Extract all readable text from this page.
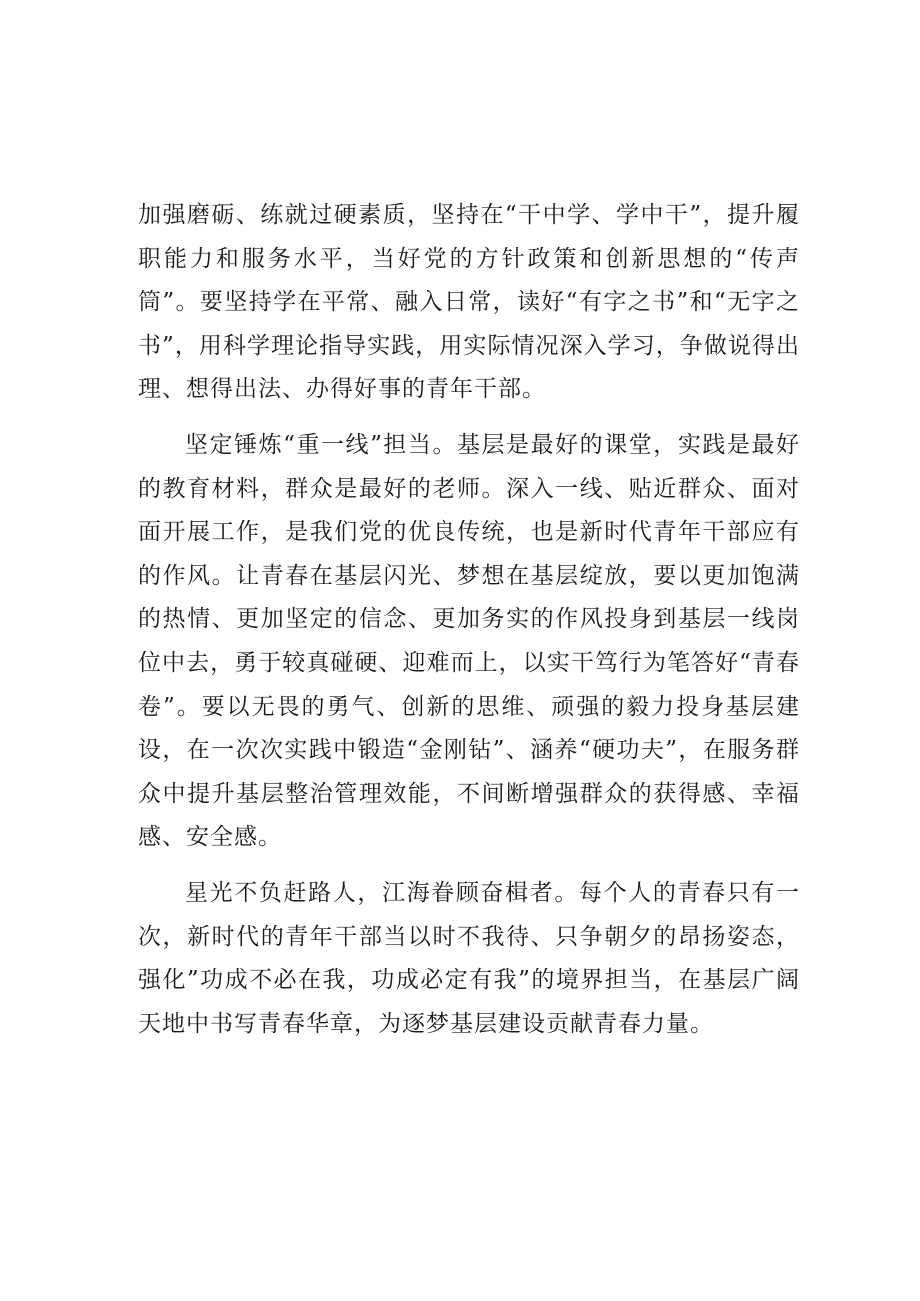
加强磨砺、练就过硬素质，坚持在“干中学、学中干”，提升履职能力和服务水平，当好党的方针政策和创新思想的“传声筒”。要坚持学在平常、融入日常，读好“有字之书”和“无字之书”，用科学理论指导实践，用实际情况深入学习，争做说得出理、想得出法、办得好事的青年干部。

坚定锤炼“重一线”担当。基层是最好的课堂，实践是最好的教育材料，群众是最好的老师。深入一线、贴近群众、面对面开展工作，是我们党的优良传统，也是新时代青年干部应有的作风。让青春在基层闪光、梦想在基层绽放，要以更加饱满的热情、更加坚定的信念、更加务实的作风投身到基层一线岗位中去，勇于较真碰硬、迎难而上，以实干笃行为笔答好“青春卷”。要以无畏的勇气、创新的思维、顽强的毅力投身基层建设，在一次次实践中锻造“金刚钻”、涵养“硬功夫”，在服务群众中提升基层整治管理效能，不间断增强群众的获得感、幸福感、安全感。

星光不负赶路人，江海眷顾奋楫者。每个人的青春只有一次，新时代的青年干部当以时不我待、只争朝夕的昂扬姿态，强化”功成不必在我，功成必定有我”的境界担当，在基层广阔天地中书写青春华章，为逐梦基层建设贡献青春力量。
